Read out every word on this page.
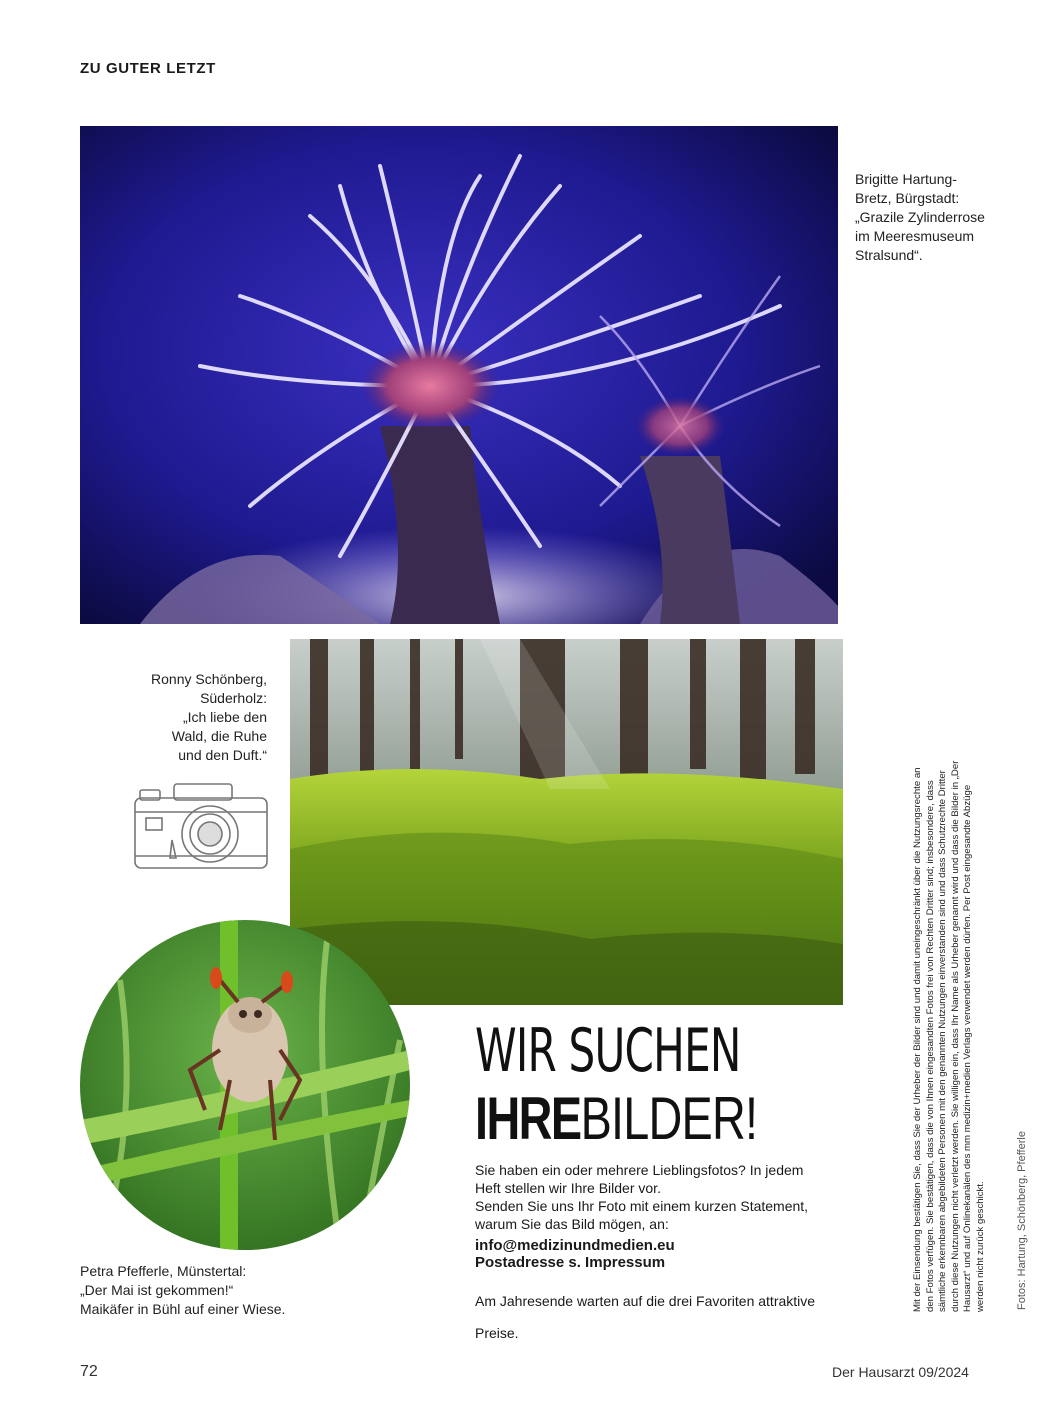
ZU GUTER LETZT

Brigitte Hartung-

Bretz, Bürgstadt:

„Grazile Zylinderrose

im Meeresmuseum

Stralsund“.

Ronny Schönberg,

Süderholz:

„Ich liebe den

Wald, die Ruhe

und den Duft.“

Petra Pfefferle, Münstertal:

„Der Mai ist gekommen!“

Maikäfer in Bühl auf einer Wiese.

WIR SUCHEN
IHREBILDER!

Sie haben ein oder mehrere Lieblingsfotos? In jedem

Heft stellen wir Ihre Bilder vor.

Senden Sie uns Ihr Foto mit einem kurzen Statement,

warum Sie das Bild mögen, an:

info@medizinundmedien.eu

Postadresse s. Impressum

Am Jahresende warten auf die drei Favoriten attraktive

Preise.

Mit der Einsendung bestätigen Sie, dass Sie der Urheber der Bilder sind und damit uneingeschränkt über die Nutzungsrechte an den Fotos verfügen. Sie bestätigen, dass die von Ihnen eingesandten Fotos frei von Rechten Dritter sind; insbesondere, dass sämtliche erkennbaren abgebildeten Personen mit den genannten Nutzungen einverstanden sind und dass Schutzrechte Dritter durch diese Nutzungen nicht verletzt werden. Sie willigen ein, dass Ihr Name als Urheber genannt wird und dass die Bilder in „Der Hausarzt“ und auf Onlinekanälen des mm medizin+medien Verlags verwendet werden dürfen. Per Post eingesandte Abzüge werden nicht zurück geschickt.	Fotos: Hartung, Schönberg, Pfefferle
72	Der Hausarzt 09/2024
